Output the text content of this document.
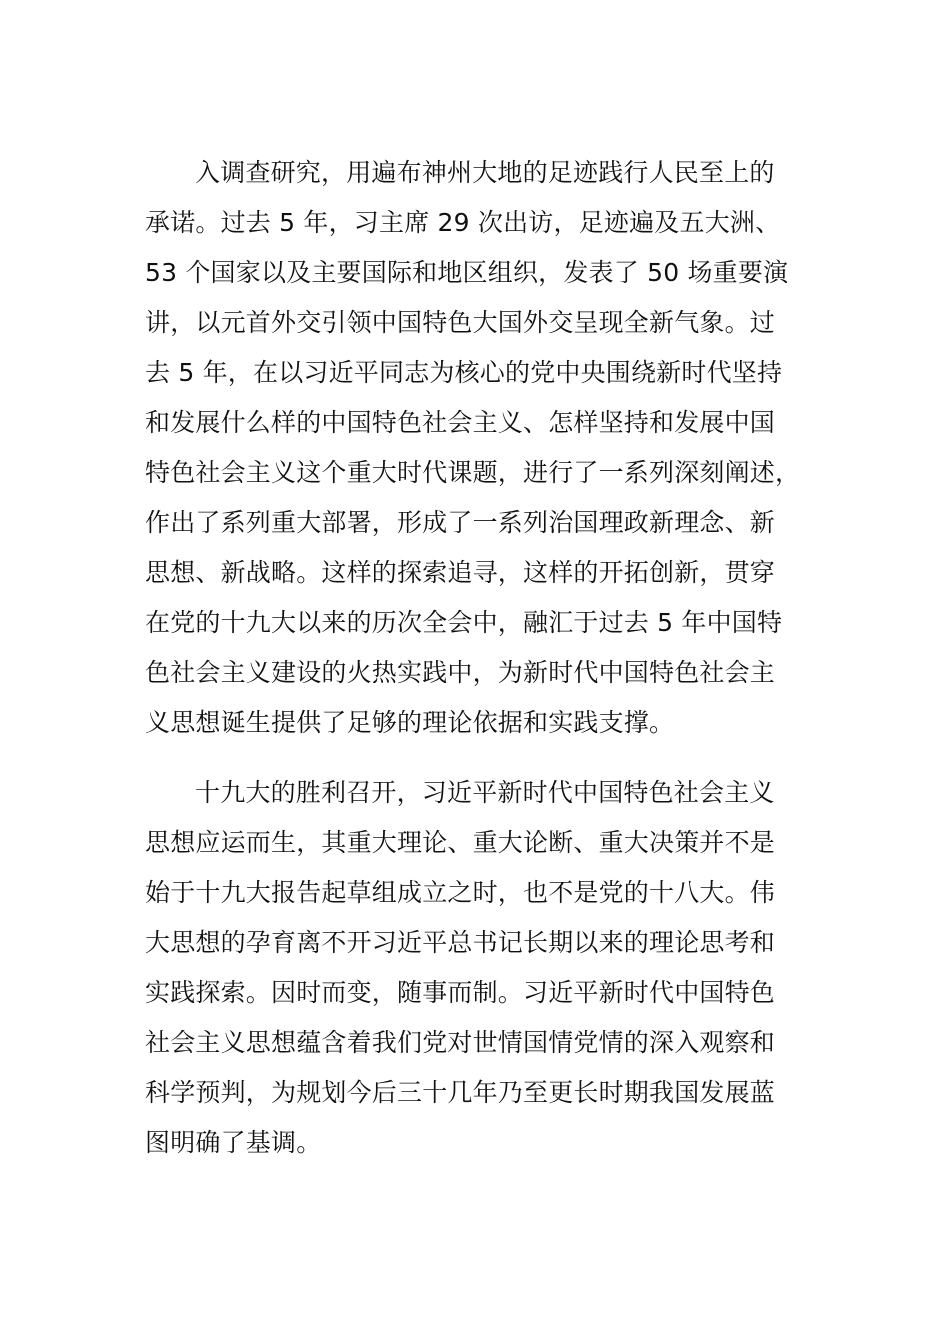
入调查研究，用遍布神州大地的足迹践行人民至上的
承诺。过去 5 年，习主席 29 次出访，足迹遍及五大洲、
53 个国家以及主要国际和地区组织，发表了 50 场重要演
讲，以元首外交引领中国特色大国外交呈现全新气象。过
去 5 年，在以习近平同志为核心的党中央围绕新时代坚持
和发展什么样的中国特色社会主义、怎样坚持和发展中国
特色社会主义这个重大时代课题，进行了一系列深刻阐述，
作出了系列重大部署，形成了一系列治国理政新理念、新
思想、新战略。这样的探索追寻，这样的开拓创新，贯穿
在党的十九大以来的历次全会中，融汇于过去 5 年中国特
色社会主义建设的火热实践中，为新时代中国特色社会主
义思想诞生提供了足够的理论依据和实践支撑。
十九大的胜利召开，习近平新时代中国特色社会主义
思想应运而生，其重大理论、重大论断、重大决策并不是
始于十九大报告起草组成立之时，也不是党的十八大。伟
大思想的孕育离不开习近平总书记长期以来的理论思考和
实践探索。因时而变，随事而制。习近平新时代中国特色
社会主义思想蕴含着我们党对世情国情党情的深入观察和
科学预判，为规划今后三十几年乃至更长时期我国发展蓝
图明确了基调。
